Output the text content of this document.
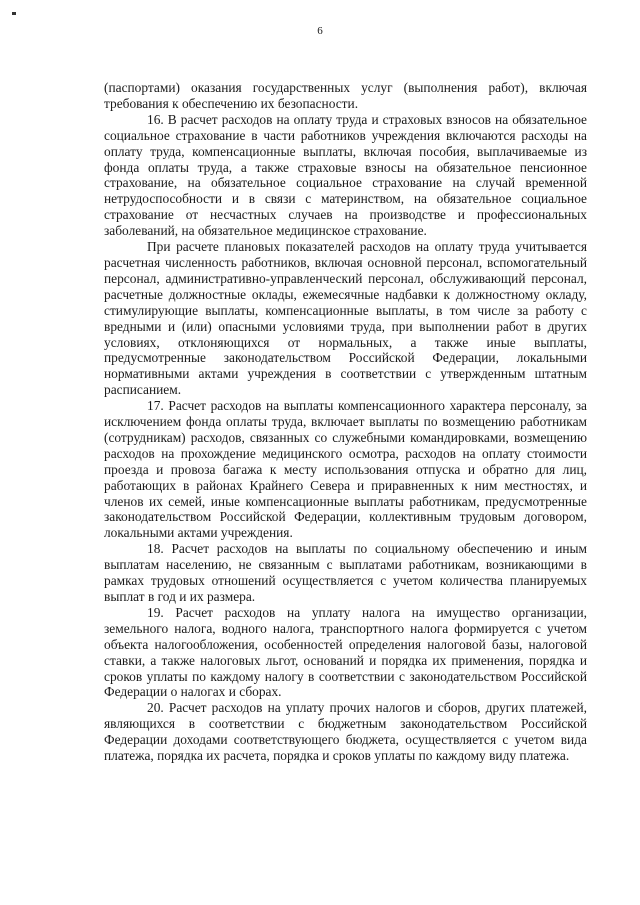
6

(паспортами) оказания государственных услуг (выполнения работ), включая требования к обеспечению их безопасности.

16. В расчет расходов на оплату труда и страховых взносов на обязательное социальное страхование в части работников учреждения включаются расходы на оплату труда, компенсационные выплаты, включая пособия, выплачиваемые из фонда оплаты труда, а также страховые взносы на обязательное пенсионное страхование, на обязательное социальное страхование на случай временной нетрудоспособности и в связи с материнством, на обязательное социальное страхование от несчастных случаев на производстве и профессиональных заболеваний, на обязательное медицинское страхование.

При расчете плановых показателей расходов на оплату труда учитывается расчетная численность работников, включая основной персонал, вспомогательный персонал, административно-управленческий персонал, обслуживающий персонал, расчетные должностные оклады, ежемесячные надбавки к должностному окладу, стимулирующие выплаты, компенсационные выплаты, в том числе за работу с вредными и (или) опасными условиями труда, при выполнении работ в других условиях, отклоняющихся от нормальных, а также иные выплаты, предусмотренные законодательством Российской Федерации, локальными нормативными актами учреждения в соответствии с утвержденным штатным расписанием.

17. Расчет расходов на выплаты компенсационного характера персоналу, за исключением фонда оплаты труда, включает выплаты по возмещению работникам (сотрудникам) расходов, связанных со служебными командировками, возмещению расходов на прохождение медицинского осмотра, расходов на оплату стоимости проезда и провоза багажа к месту использования отпуска и обратно для лиц, работающих в районах Крайнего Севера и приравненных к ним местностях, и членов их семей, иные компенсационные выплаты работникам, предусмотренные законодательством Российской Федерации, коллективным трудовым договором, локальными актами учреждения.

18. Расчет расходов на выплаты по социальному обеспечению и иным выплатам населению, не связанным с выплатами работникам, возникающими в рамках трудовых отношений осуществляется с учетом количества планируемых выплат в год и их размера.

19. Расчет расходов на уплату налога на имущество организации, земельного налога, водного налога, транспортного налога формируется с учетом объекта налогообложения, особенностей определения налоговой базы, налоговой ставки, а также налоговых льгот, оснований и порядка их применения, порядка и сроков уплаты по каждому налогу в соответствии с законодательством Российской Федерации о налогах и сборах.

20. Расчет расходов на уплату прочих налогов и сборов, других платежей, являющихся в соответствии с бюджетным законодательством Российской Федерации доходами соответствующего бюджета, осуществляется с учетом вида платежа, порядка их расчета, порядка и сроков уплаты по каждому виду платежа.
